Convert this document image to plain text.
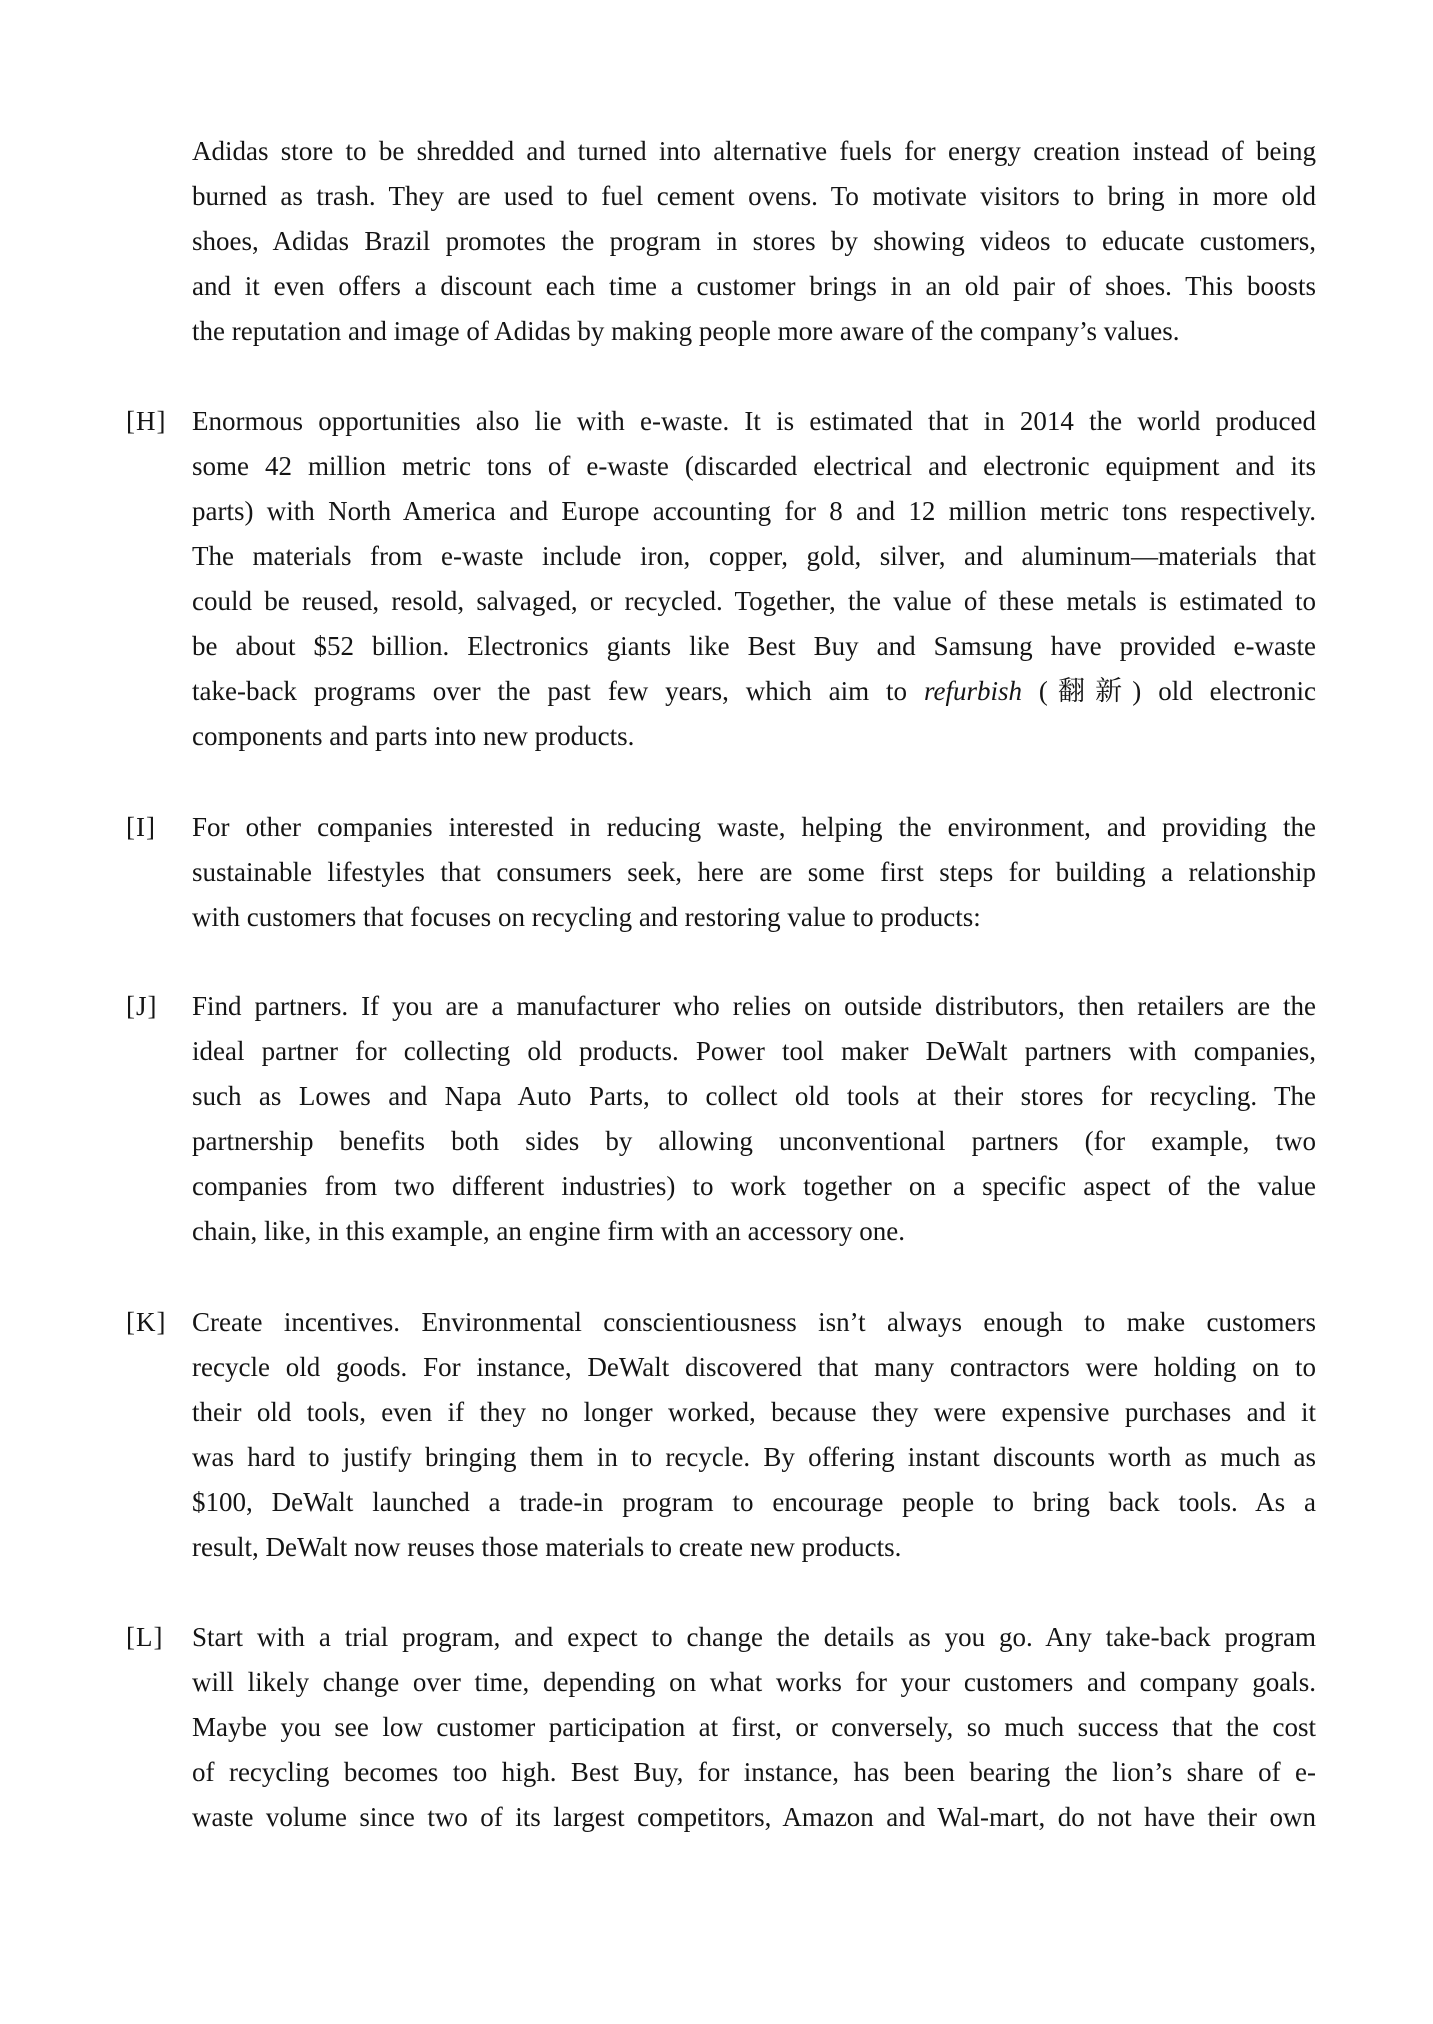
Adidas store to be shredded and turned into alternative fuels for energy creation instead of being
burned as trash. They are used to fuel cement ovens. To motivate visitors to bring in more old
shoes, Adidas Brazil promotes the program in stores by showing videos to educate customers,
and it even offers a discount each time a customer brings in an old pair of shoes. This boosts
the reputation and image of Adidas by making people more aware of the company’s values.
[H] Enormous opportunities also lie with e-waste. It is estimated that in 2014 the world produced
some 42 million metric tons of e-waste (discarded electrical and electronic equipment and its
parts) with North America and Europe accounting for 8 and 12 million metric tons respectively.
The materials from e-waste include iron, copper, gold, silver, and aluminum—materials that
could be reused, resold, salvaged, or recycled. Together, the value of these metals is estimated to
be about $52 billion. Electronics giants like Best Buy and Samsung have provided e-waste
take-back programs over the past few years, which aim to refurbish (翻新) old electronic
components and parts into new products.
[I] For other companies interested in reducing waste, helping the environment, and providing the
sustainable lifestyles that consumers seek, here are some first steps for building a relationship
with customers that focuses on recycling and restoring value to products:
[J] Find partners. If you are a manufacturer who relies on outside distributors, then retailers are the
ideal partner for collecting old products. Power tool maker DeWalt partners with companies,
such as Lowes and Napa Auto Parts, to collect old tools at their stores for recycling. The
partnership benefits both sides by allowing unconventional partners (for example, two
companies from two different industries) to work together on a specific aspect of the value
chain, like, in this example, an engine firm with an accessory one.
[K] Create incentives. Environmental conscientiousness isn’t always enough to make customers
recycle old goods. For instance, DeWalt discovered that many contractors were holding on to
their old tools, even if they no longer worked, because they were expensive purchases and it
was hard to justify bringing them in to recycle. By offering instant discounts worth as much as
$100, DeWalt launched a trade-in program to encourage people to bring back tools. As a
result, DeWalt now reuses those materials to create new products.
[L] Start with a trial program, and expect to change the details as you go. Any take-back program
will likely change over time, depending on what works for your customers and company goals.
Maybe you see low customer participation at first, or conversely, so much success that the cost
of recycling becomes too high. Best Buy, for instance, has been bearing the lion’s share of e-
waste volume since two of its largest competitors, Amazon and Wal-mart, do not have their own
